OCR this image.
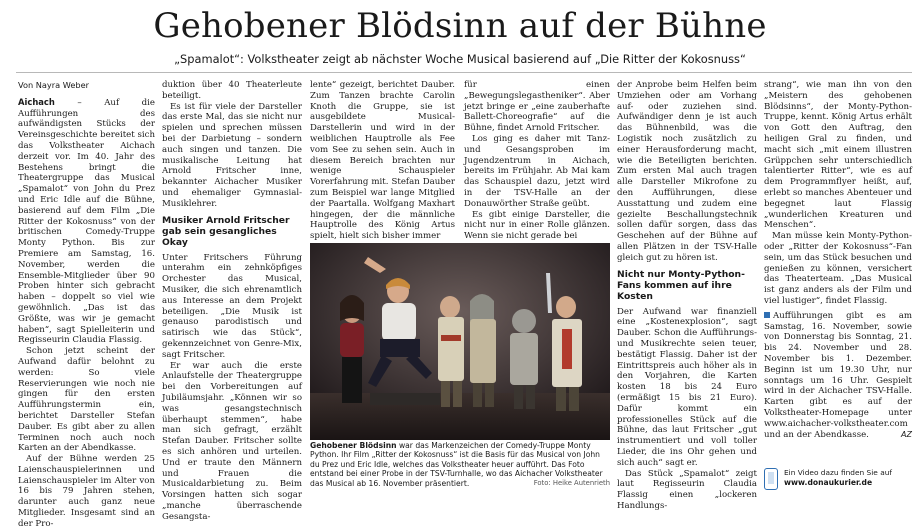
Gehobener Blödsinn auf der Bühne
„Spamalot“: Volkstheater zeigt ab nächster Woche Musical basierend auf „Die Ritter der Kokosnuss“

Von Nayra Weber

Aichach – Auf die Aufführungen des aufwändigsten Stücks der Vereinsgeschichte bereitet sich das Volkstheater Aichach derzeit vor. Im 40. Jahr des Bestehens bringt die Theatergruppe das Musical „Spamalot“ von John du Prez und Eric Idle auf die Bühne, basierend auf dem Film „Die Ritter der Kokosnuss“ von der britischen Comedy-Truppe Monty Python. Bis zur Premiere am Samstag, 16. November, werden die Ensemble-Mitglieder über 90 Proben hinter sich gebracht haben – doppelt so viel wie gewöhnlich. „Das ist das Größte, was wir je gemacht haben“, sagt Spielleiterin und Regisseurin Claudia Flassig.

Schon jetzt scheint der Aufwand dafür belohnt zu werden: So viele Reservierungen wie noch nie gingen für den ersten Aufführungstermin ein, berichtet Darsteller Stefan Dauber. Es gibt aber zu allen Terminen noch auch noch Karten an der Abendkasse.

Auf der Bühne werden 25 Laienschauspielerinnen und Laienschauspieler im Alter von 16 bis 79 Jahren stehen, darunter auch ganz neue Mitglieder. Insgesamt sind an der Pro-

duktion über 40 Theaterleute beteiligt.

Es ist für viele der Darsteller das erste Mal, das sie nicht nur spielen und sprechen müssen bei der Darbietung – sondern auch singen und tanzen. Die musikalische Leitung hat Arnold Fritscher inne, bekannter Aichacher Musiker und ehemaliger Gymnasial-Musiklehrer.

Musiker Arnold Fritscher gab sein gesangliches Okay

Unter Fritschers Führung unterahm ein zehnköpfiges Orchester das Musical, Musiker, die sich ehrenamtlich aus Interesse an dem Projekt beteiligen. „Die Musik ist genauso parodistisch und satirisch wie das Stück“, gekennzeichnet von Genre-Mix, sagt Fritscher.

Er war auch die erste Anlaufstelle der Theatergruppe bei den Vorbereitungen auf Jubiläumsjahr. „Können wir so was gesangstechnisch überhaupt stemmen“, habe man sich gefragt, erzählt Stefan Dauber. Fritscher sollte es sich anhören und urteilen. Und er traute den Männern und Frauen die Musicaldarbietung zu. Beim Vorsingen hatten sich sogar „manche überraschende Gesangsta-

lente“ gezeigt, berichtet Dauber. Zum Tanzen brachte Carolin Knoth die Gruppe, sie ist ausgebildete Musical-Darstellerin und wird in der weiblichen Hauptrolle als Fee vom See zu sehen sein. Auch in diesem Bereich brachten nur wenige Schauspieler Vorerfahrung mit. Stefan Dauber zum Beispiel war lange Mitglied der Paartalla. Wolfgang Maxhart hingegen, der die männliche Hauptrolle des König Artus spielt, hielt sich bisher immer

für einen „Bewegungslegastheniker“. Aber jetzt bringe er „eine zauberhafte Ballett-Choreografie“ auf die Bühne, findet Arnold Fritscher.

Los ging es daher mit Tanz- und Gesangsproben im Jugendzentrum in Aichach, bereits im Frühjahr. Ab Mai kam das Schauspiel dazu, jetzt wird in der TSV-Halle an der Donauwörther Straße geübt.

Es gibt einige Darsteller, die nicht nur in einer Rolle glänzen. Wenn sie nicht gerade bei

der Anprobe beim Helfen beim Umziehen oder am Vorhang auf- oder zuziehen sind. Aufwändiger denn je ist auch das Bühnenbild, was die Logistik noch zusätzlich zu einer Herausforderung macht, wie die Beteiligten berichten. Zum ersten Mal auch tragen alle Darsteller Mikrofone zu den Aufführungen, diese Ausstattung und zudem eine gezielte Beschallungstechnik sollen dafür sorgen, dass das Geschehen auf der Bühne auf allen Plätzen in der TSV-Halle gleich gut zu hören ist.

Nicht nur Monty-Python-Fans kommen auf ihre Kosten

Der Aufwand war finanziell eine „Kostenexplosion“, sagt Dauber. Schon die Aufführungs- und Musikrechte seien teuer, bestätigt Flassig. Daher ist der Eintrittspreis auch höher als in den Vorjahren, die Karten kosten 18 bis 24 Euro (ermäßigt 15 bis 21 Euro). Dafür kommt ein professionelles Stück auf die Bühne, das laut Fritscher „gut instrumentiert und voll toller Lieder, die ins Ohr gehen und sich auch“ sagt er.

Das Stück „Spamalot“ zeigt laut Regisseurin Claudia Flassig einen „lockeren Handlungs-

strang“, wie man ihn von den „Meistern des gehobenen Blödsinns“, der Monty-Python-Truppe, kennt. König Artus erhält von Gott den Auftrag, den heiligen Gral zu finden, und macht sich „mit einem illustren Grüppchen sehr unterschiedlich talentierter Ritter“, wie es auf dem Programmflyer heißt, auf, erlebt so manches Abenteuer und begegnet laut Flassig „wunderlichen Kreaturen und Menschen“.

Man müsse kein Monty-Python- oder „Ritter der Kokosnuss“-Fan sein, um das Stück besuchen und genießen zu können, versichert das Theaterteam. „Das Musical ist ganz anders als der Film und viel lustiger“, findet Flassig.

Aufführungen gibt es am Samstag, 16. November, sowie von Donnerstag bis Sonntag, 21. bis 24. November und 28. November bis 1. Dezember. Beginn ist um 19.30 Uhr, nur sonntags um 16 Uhr. Gespielt wird in der Aichacher TSV-Halle. Karten gibt es auf der Volkstheater-Homepage unter www.aichacher-volkstheater.com und an der Abendkasse.	AZ

Gehobener Blödsinn war das Markenzeichen der Comedy-Truppe Monty Python. Ihr Film „Ritter der Kokosnuss“ ist die Basis für das Musical von John du Prez und Eric Idle, welches das Volkstheater heuer aufführt. Das Foto entstand bei einer Probe in der TSV-Turnhalle, wo das Aichacher Volkstheater das Musical ab 16. November präsentiert.	Foto: Heike Autenrieth
Ein Video dazu finden Sie auf
www.donaukurier.de
